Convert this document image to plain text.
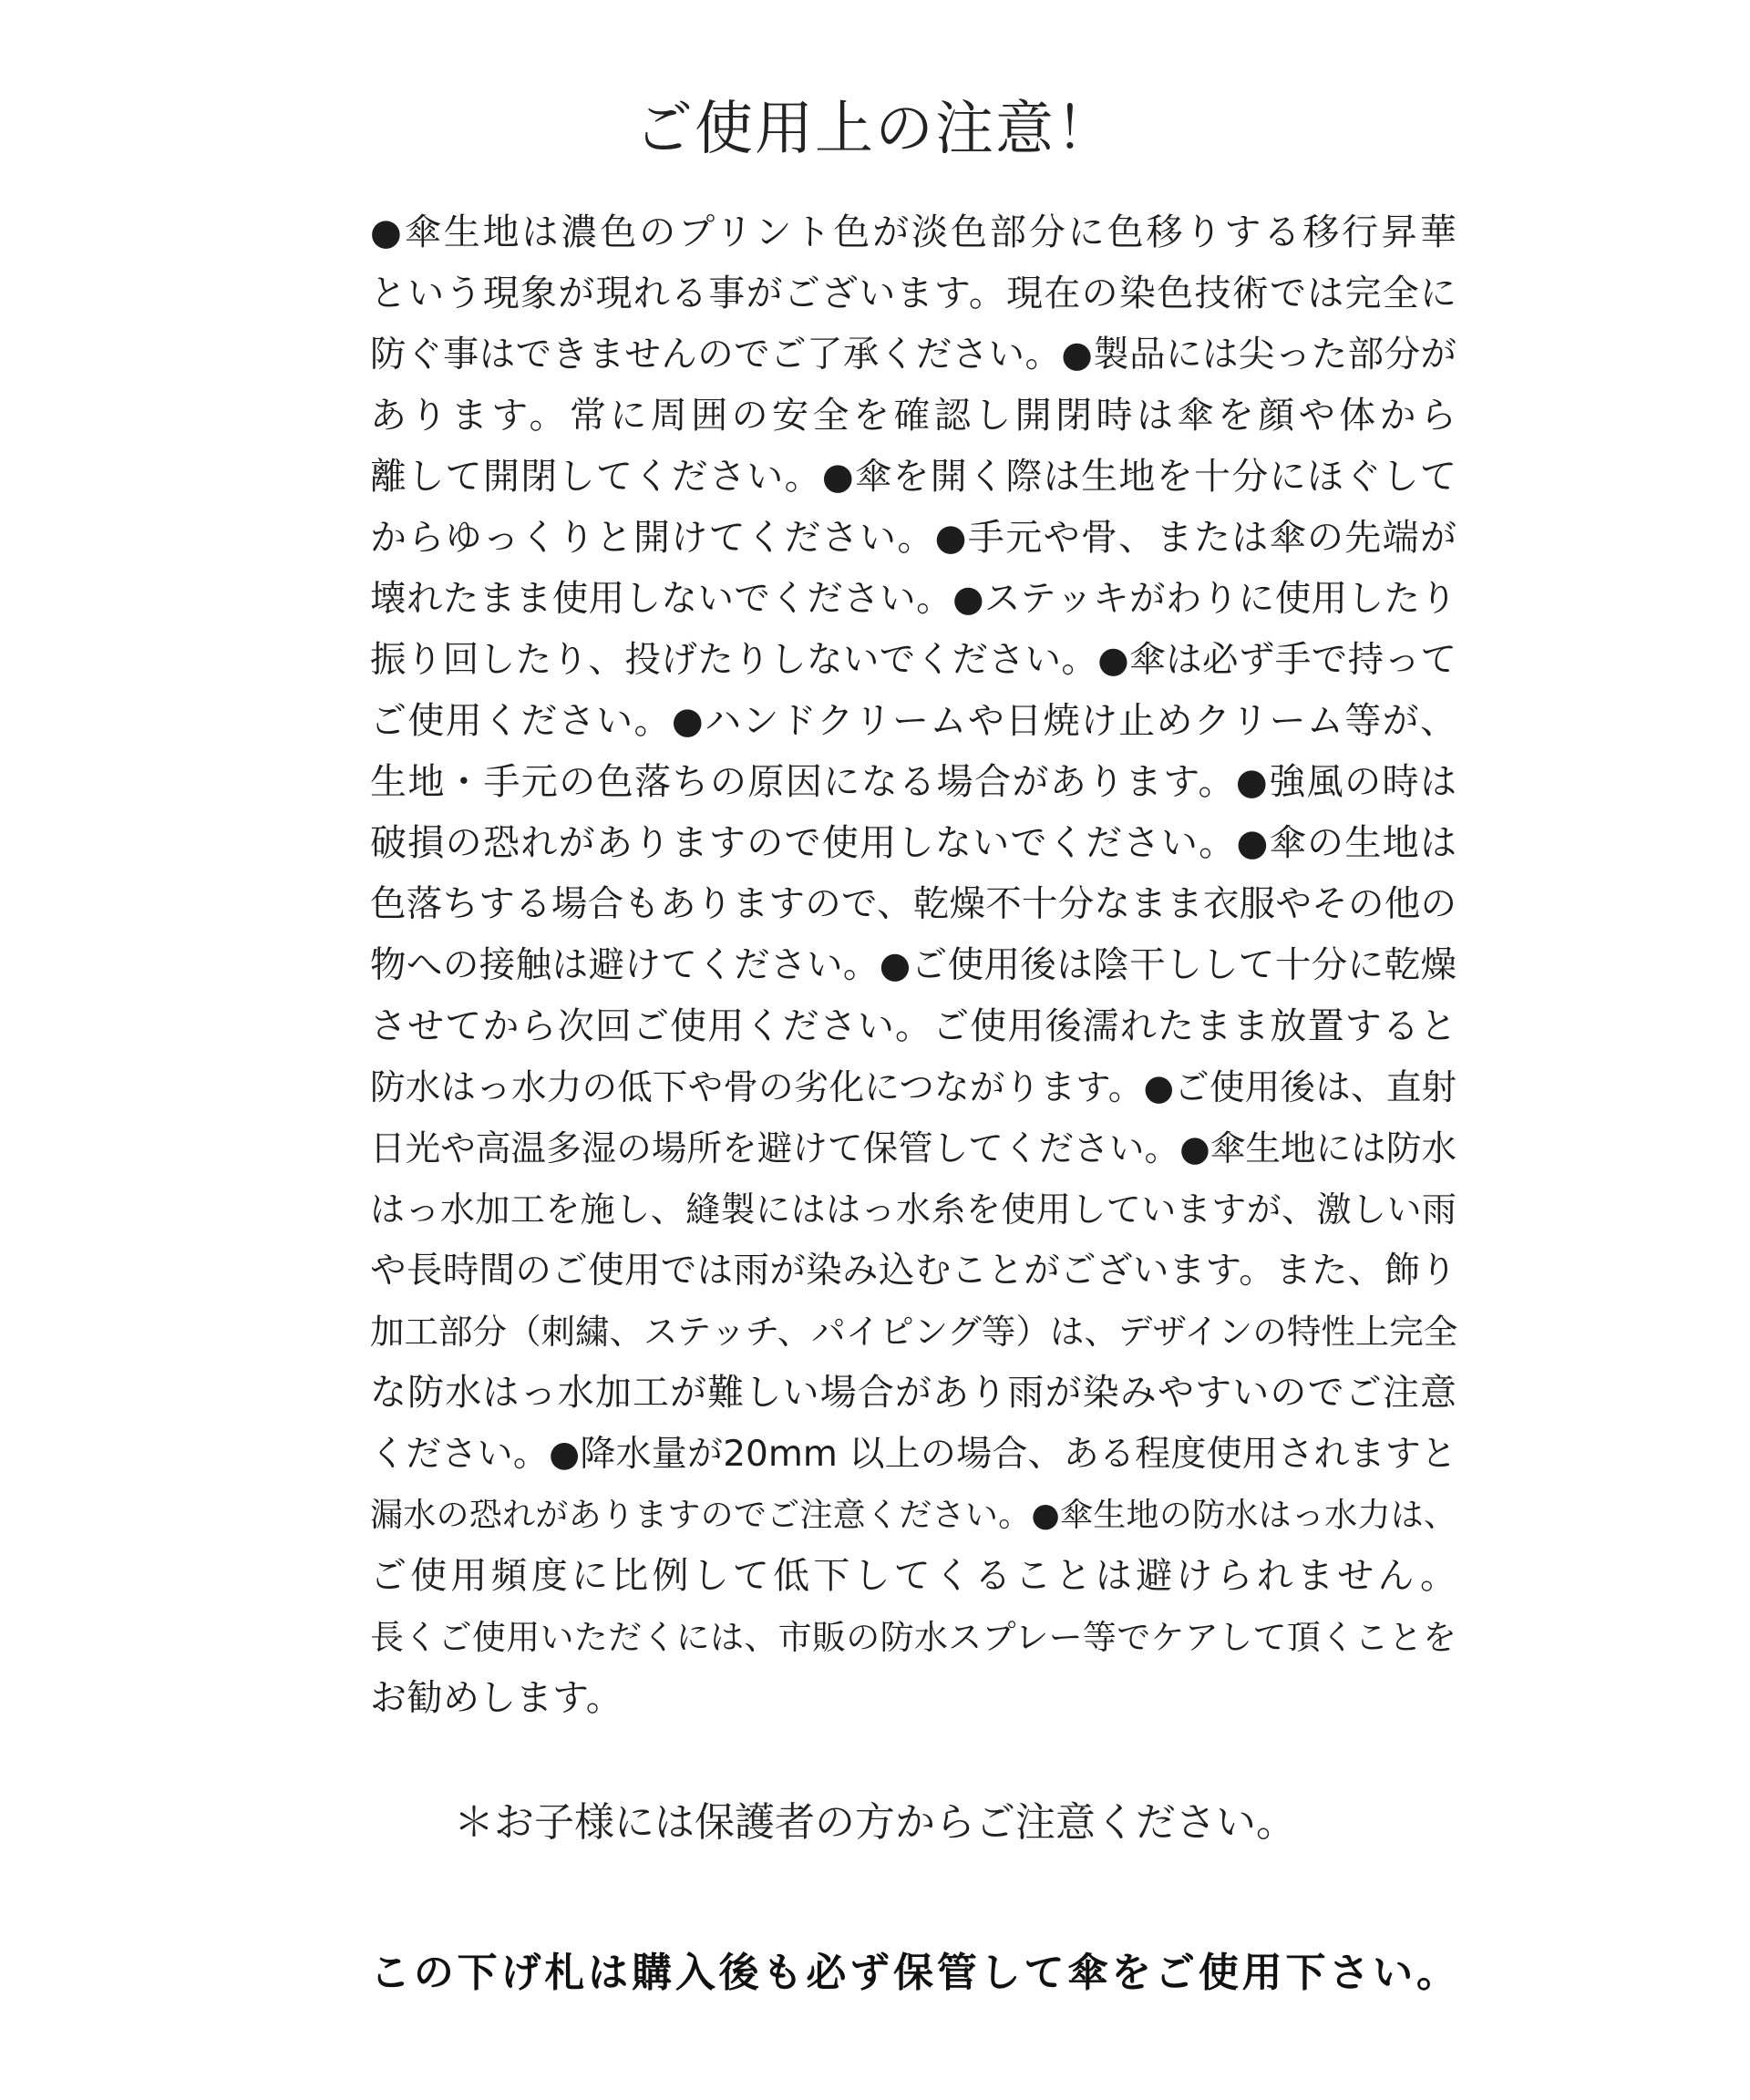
ご使用上の注意！
●傘生地は濃色のプリント色が淡色部分に色移りする移行昇華
という現象が現れる事がございます。現在の染色技術では完全に
防ぐ事はできませんのでご了承ください。●製品には尖った部分が
あります。常に周囲の安全を確認し開閉時は傘を顔や体から
離して開閉してください。●傘を開く際は生地を十分にほぐして
からゆっくりと開けてください。●手元や骨、または傘の先端が
壊れたまま使用しないでください。●ステッキがわりに使用したり
振り回したり、投げたりしないでください。●傘は必ず手で持って
ご使用ください。●ハンドクリームや日焼け止めクリーム等が、
生地・手元の色落ちの原因になる場合があります。●強風の時は
破損の恐れがありますので使用しないでください。●傘の生地は
色落ちする場合もありますので、乾燥不十分なまま衣服やその他の
物への接触は避けてください。●ご使用後は陰干しして十分に乾燥
させてから次回ご使用ください。ご使用後濡れたまま放置すると
防水はっ水力の低下や骨の劣化につながります。●ご使用後は、直射
日光や高温多湿の場所を避けて保管してください。●傘生地には防水
はっ水加工を施し、縫製にははっ水糸を使用していますが、激しい雨
や長時間のご使用では雨が染み込むことがございます。また、飾り
加工部分（刺繍、ステッチ、パイピング等）は、デザインの特性上完全
な防水はっ水加工が難しい場合があり雨が染みやすいのでご注意
ください。●降水量が20mm 以上の場合、ある程度使用されますと
漏水の恐れがありますのでご注意ください。●傘生地の防水はっ水力は、
ご使用頻度に比例して低下してくることは避けられません。
長くご使用いただくには、市販の防水スプレー等でケアして頂くことを
お勧めします。
＊お子様には保護者の方からご注意ください。
この下げ札は購入後も必ず保管して傘をご使用下さい。
